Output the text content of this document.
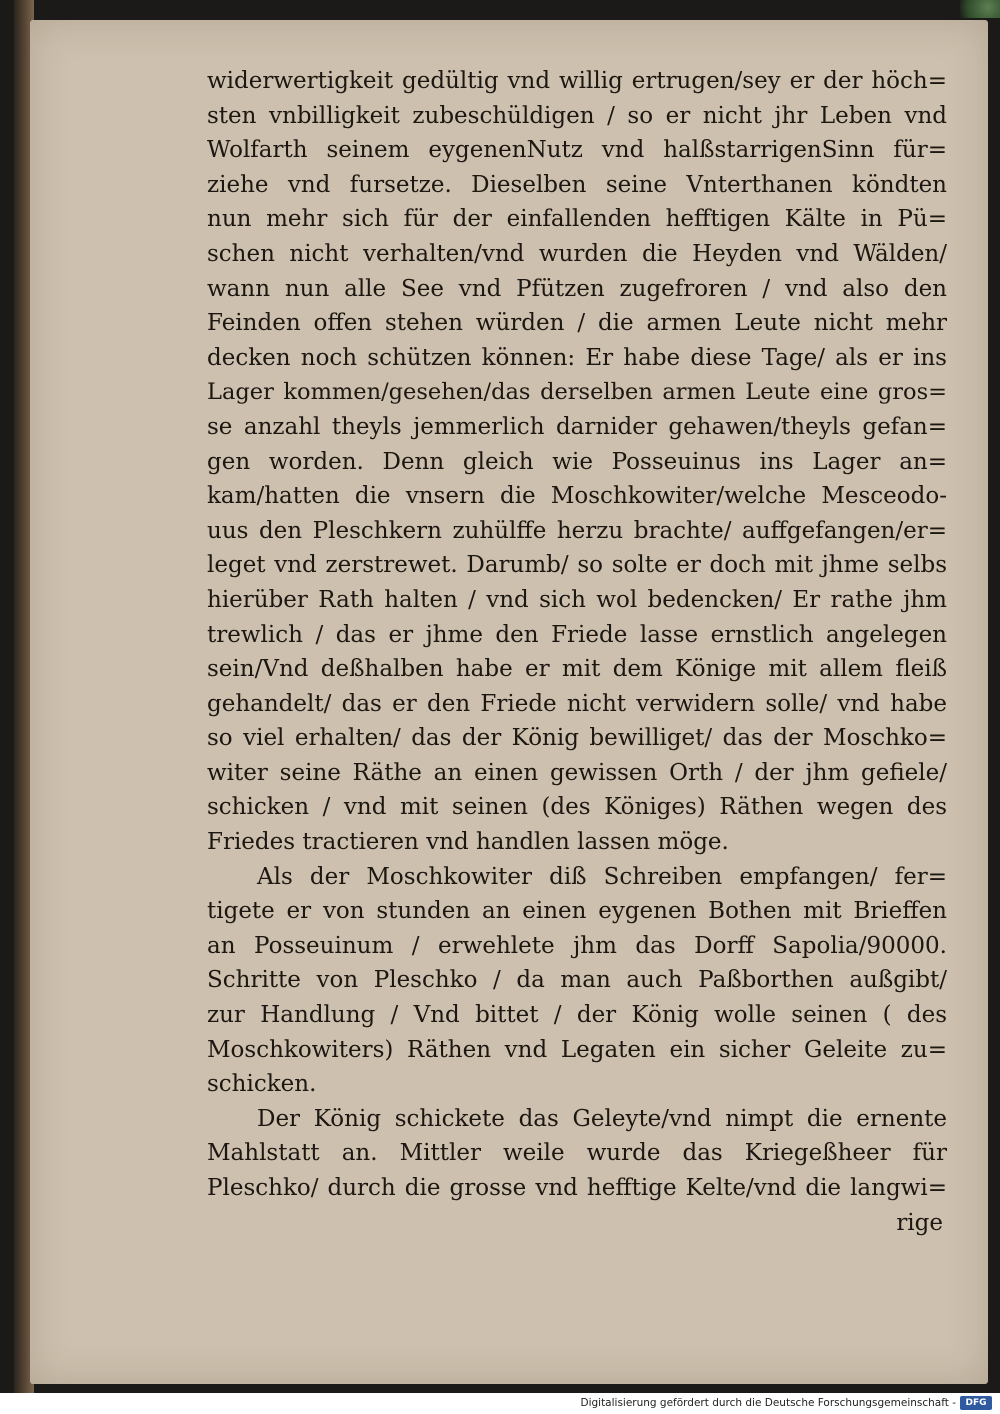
widerwertigkeit gedültig vnd willig ertrugen/sey er der höch=
sten vnbilligkeit zubeschüldigen / so er nicht jhr Leben vnd
Wolfarth seinem eygenenNutz vnd halßstarrigenSinn für=
ziehe vnd fursetze. Dieselben seine Vnterthanen köndten
nun mehr sich für der einfallenden hefftigen Kälte in Pü=
schen nicht verhalten/vnd wurden die Heyden vnd Wälden/
wann nun alle See vnd Pfützen zugefroren / vnd also den
Feinden offen stehen würden / die armen Leute nicht mehr
decken noch schützen können: Er habe diese Tage/ als er ins
Lager kommen/gesehen/das derselben armen Leute eine gros=
se anzahl theyls jemmerlich darnider gehawen/theyls gefan=
gen worden. Denn gleich wie Posseuinus ins Lager an=
kam/hatten die vnsern die Moschkowiter/welche Mesceodo-
uus den Pleschkern zuhülffe herzu brachte/ auffgefangen/er=
leget vnd zerstrewet. Darumb/ so solte er doch mit jhme selbs
hierüber Rath halten / vnd sich wol bedencken/ Er rathe jhm
trewlich / das er jhme den Friede lasse ernstlich angelegen
sein/Vnd deßhalben habe er mit dem Könige mit allem fleiß
gehandelt/ das er den Friede nicht verwidern solle/ vnd habe
so viel erhalten/ das der König bewilliget/ das der Moschko=
witer seine Räthe an einen gewissen Orth / der jhm gefiele/
schicken / vnd mit seinen (des Königes) Räthen wegen des
Friedes tractieren vnd handlen lassen möge.
Als der Moschkowiter diß Schreiben empfangen/ fer=
tigete er von stunden an einen eygenen Bothen mit Brieffen
an Posseuinum / erwehlete jhm das Dorff Sapolia/90000.
Schritte von Pleschko / da man auch Paßborthen außgibt/
zur Handlung / Vnd bittet / der König wolle seinen ( des
Moschkowiters) Räthen vnd Legaten ein sicher Geleite zu=
schicken.
Der König schickete das Geleyte/vnd nimpt die ernente
Mahlstatt an. Mittler weile wurde das Kriegeßheer für
Pleschko/ durch die grosse vnd hefftige Kelte/vnd die langwi=
rige
Digitalisierung gefördert durch die Deutsche Forschungsgemeinschaft -	DFG
